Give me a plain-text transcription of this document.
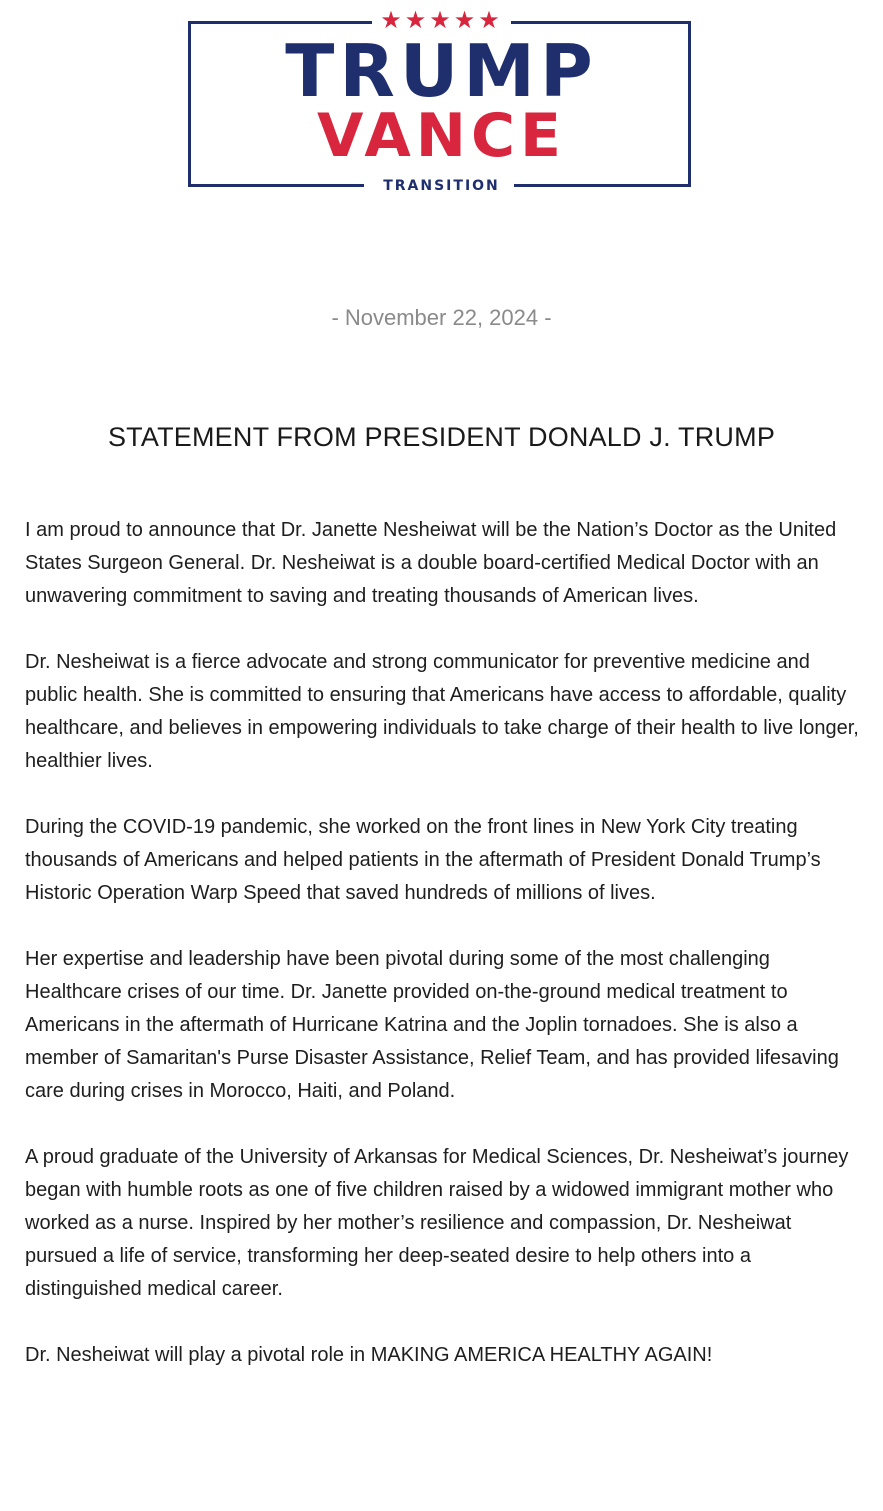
★★★★★
TRUMP
VANCE
TRANSITION
- November 22, 2024 -
STATEMENT FROM PRESIDENT DONALD J. TRUMP

I am proud to announce that Dr. Janette Nesheiwat will be the Nation’s Doctor as the United States Surgeon General. Dr. Nesheiwat is a double board-certified Medical Doctor with an unwavering commitment to saving and treating thousands of American lives.

Dr. Nesheiwat is a fierce advocate and strong communicator for preventive medicine and public health. She is committed to ensuring that Americans have access to affordable, quality healthcare, and believes in empowering individuals to take charge of their health to live longer, healthier lives.

During the COVID-19 pandemic, she worked on the front lines in New York City treating thousands of Americans and helped patients in the aftermath of President Donald Trump’s Historic Operation Warp Speed that saved hundreds of millions of lives.

Her expertise and leadership have been pivotal during some of the most challenging Healthcare crises of our time. Dr. Janette provided on-the-ground medical treatment to Americans in the aftermath of Hurricane Katrina and the Joplin tornadoes. She is also a member of Samaritan's Purse Disaster Assistance, Relief Team, and has provided lifesaving care during crises in Morocco, Haiti, and Poland.

A proud graduate of the University of Arkansas for Medical Sciences, Dr. Nesheiwat’s journey began with humble roots as one of five children raised by a widowed immigrant mother who worked as a nurse. Inspired by her mother’s resilience and compassion, Dr. Nesheiwat pursued a life of service, transforming her deep-seated desire to help others into a distinguished medical career.

Dr. Nesheiwat will play a pivotal role in MAKING AMERICA HEALTHY AGAIN!
